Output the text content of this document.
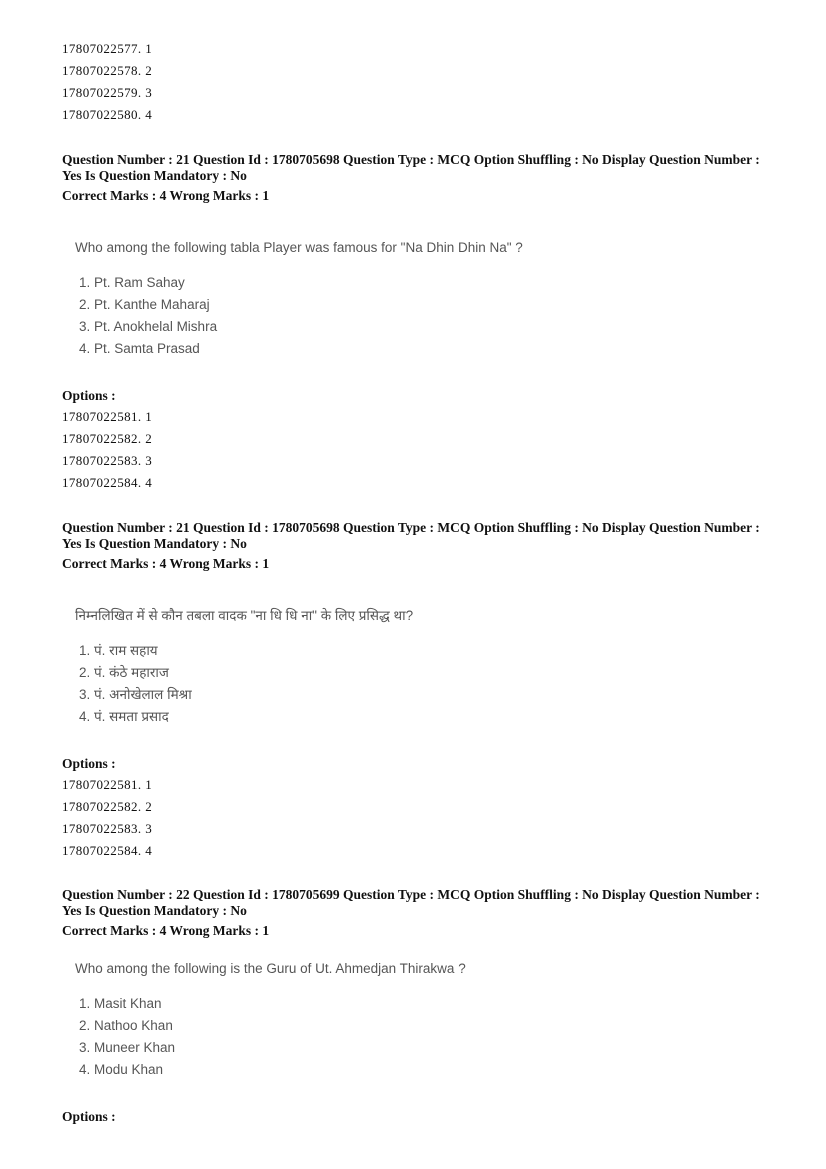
17807022577. 1
17807022578. 2
17807022579. 3
17807022580. 4
Question Number : 21 Question Id : 1780705698 Question Type : MCQ Option Shuffling : No Display Question Number : Yes Is Question Mandatory : No
Correct Marks : 4 Wrong Marks : 1
Who among the following tabla Player was famous for "Na Dhin Dhin Na" ?
1. Pt. Ram Sahay
2. Pt. Kanthe Maharaj
3. Pt. Anokhelal Mishra
4. Pt. Samta Prasad
Options :
17807022581. 1
17807022582. 2
17807022583. 3
17807022584. 4
Question Number : 21 Question Id : 1780705698 Question Type : MCQ Option Shuffling : No Display Question Number : Yes Is Question Mandatory : No
Correct Marks : 4 Wrong Marks : 1
निम्नलिखित में से कौन तबला वादक "ना धि धि ना" के लिए प्रसिद्ध था?
1. पं. राम सहाय
2. पं. कंठे महाराज
3. पं. अनोखेलाल मिश्रा
4. पं. समता प्रसाद
Options :
17807022581. 1
17807022582. 2
17807022583. 3
17807022584. 4
Question Number : 22 Question Id : 1780705699 Question Type : MCQ Option Shuffling : No Display Question Number : Yes Is Question Mandatory : No
Correct Marks : 4 Wrong Marks : 1
Who among the following is the Guru of Ut. Ahmedjan Thirakwa ?
1. Masit Khan
2. Nathoo Khan
3. Muneer Khan
4. Modu Khan
Options :
